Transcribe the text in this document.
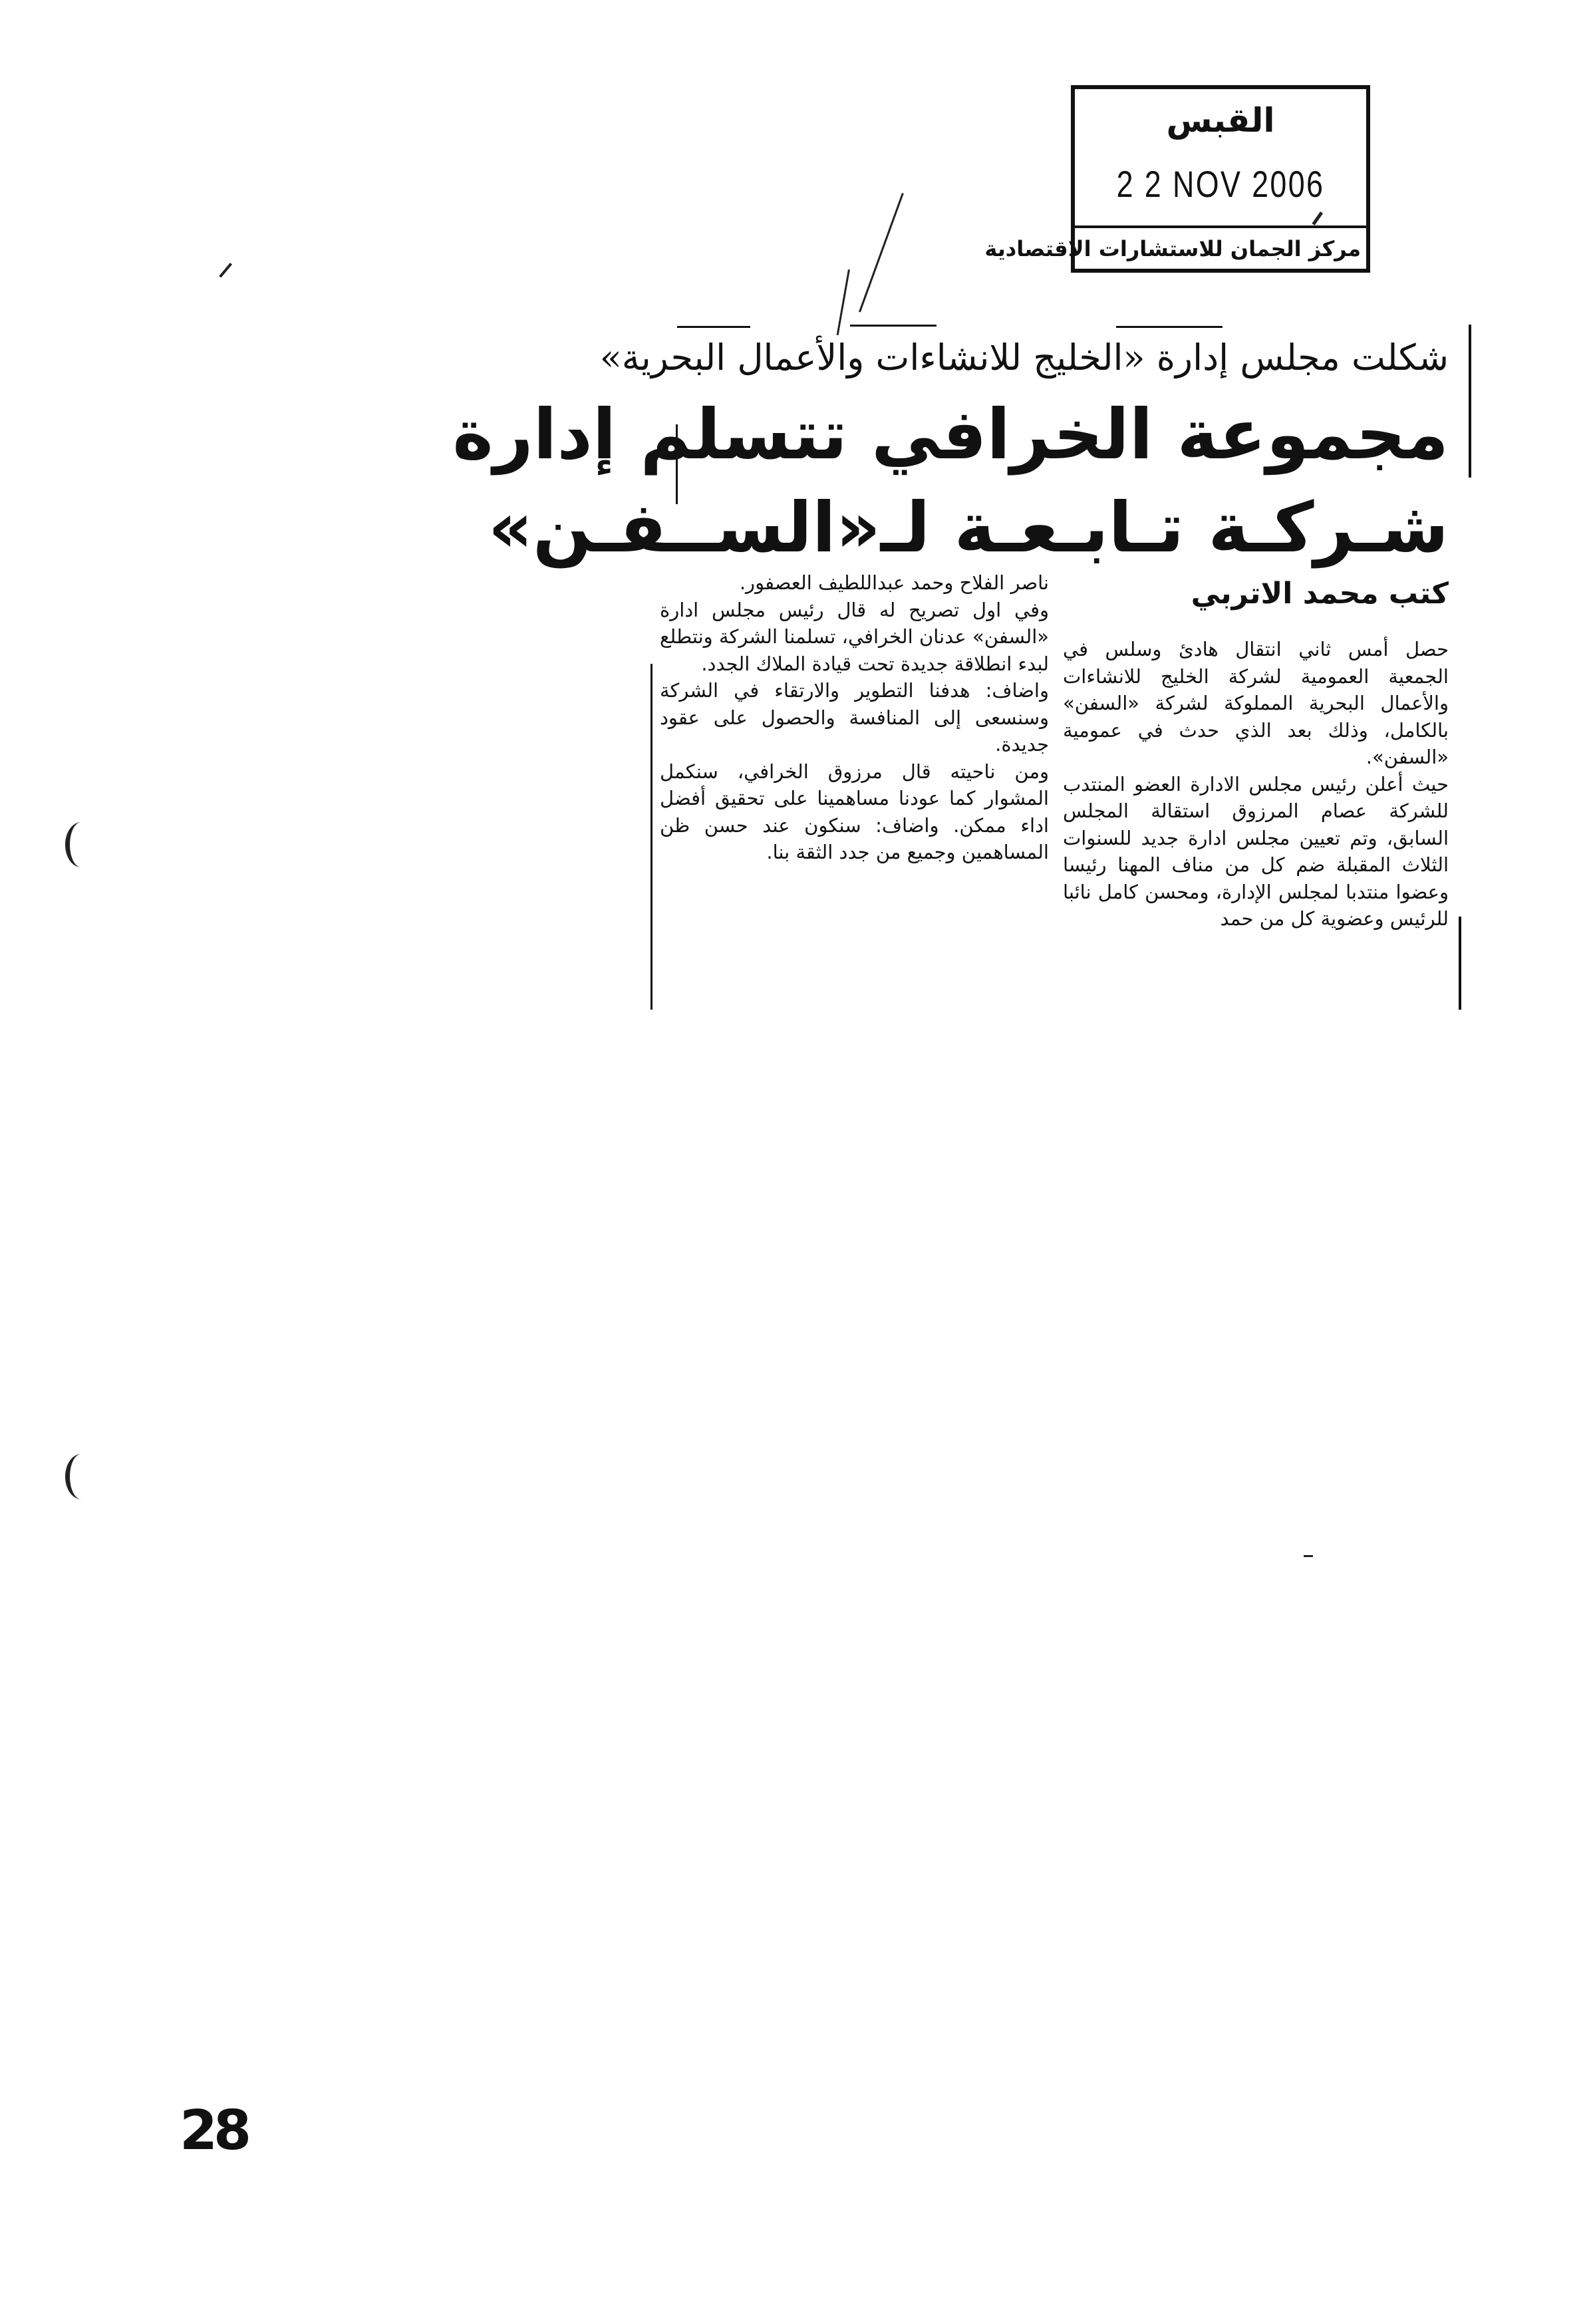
القبس
2 2 NOV 2006
مركز الجمان للاستشارات الاقتصادية
شكلت مجلس إدارة «الخليج للانشاءات والأعمال البحرية»
مجموعة الخرافي تتسلم إدارة
شـركـة تـابـعـة لـ«الســفـن»
كتب محمد الاتربي

حصل أمس ثاني انتقال هادئ وسلس في الجمعية العمومية لشركة الخليج للانشاءات والأعمال البحرية المملوكة لشركة «السفن» بالكامل، وذلك بعد الذي حدث في عمومية «السفن».

حيث أعلن رئيس مجلس الادارة العضو المنتدب للشركة عصام المرزوق استقالة المجلس السابق، وتم تعيين مجلس ادارة جديد للسنوات الثلاث المقبلة ضم كل من مناف المهنا رئيسا وعضوا منتدبا لمجلس الإدارة، ومحسن كامل نائبا للرئيس وعضوية كل من حمد

ناصر الفلاح وحمد عبداللطيف العصفور.

وفي اول تصريح له قال رئيس مجلس ادارة «السفن» عدنان الخرافي، تسلمنا الشركة ونتطلع لبدء انطلاقة جديدة تحت قيادة الملاك الجدد.

واضاف: هدفنا التطوير والارتقاء في الشركة وسنسعى إلى المنافسة والحصول على عقود جديدة.

ومن ناحيته قال مرزوق الخرافي، سنكمل المشوار كما عودنا مساهمينا على تحقيق أفضل اداء ممكن. واضاف: سنكون عند حسن ظن المساهمين وجميع من جدد الثقة بنا.

28
